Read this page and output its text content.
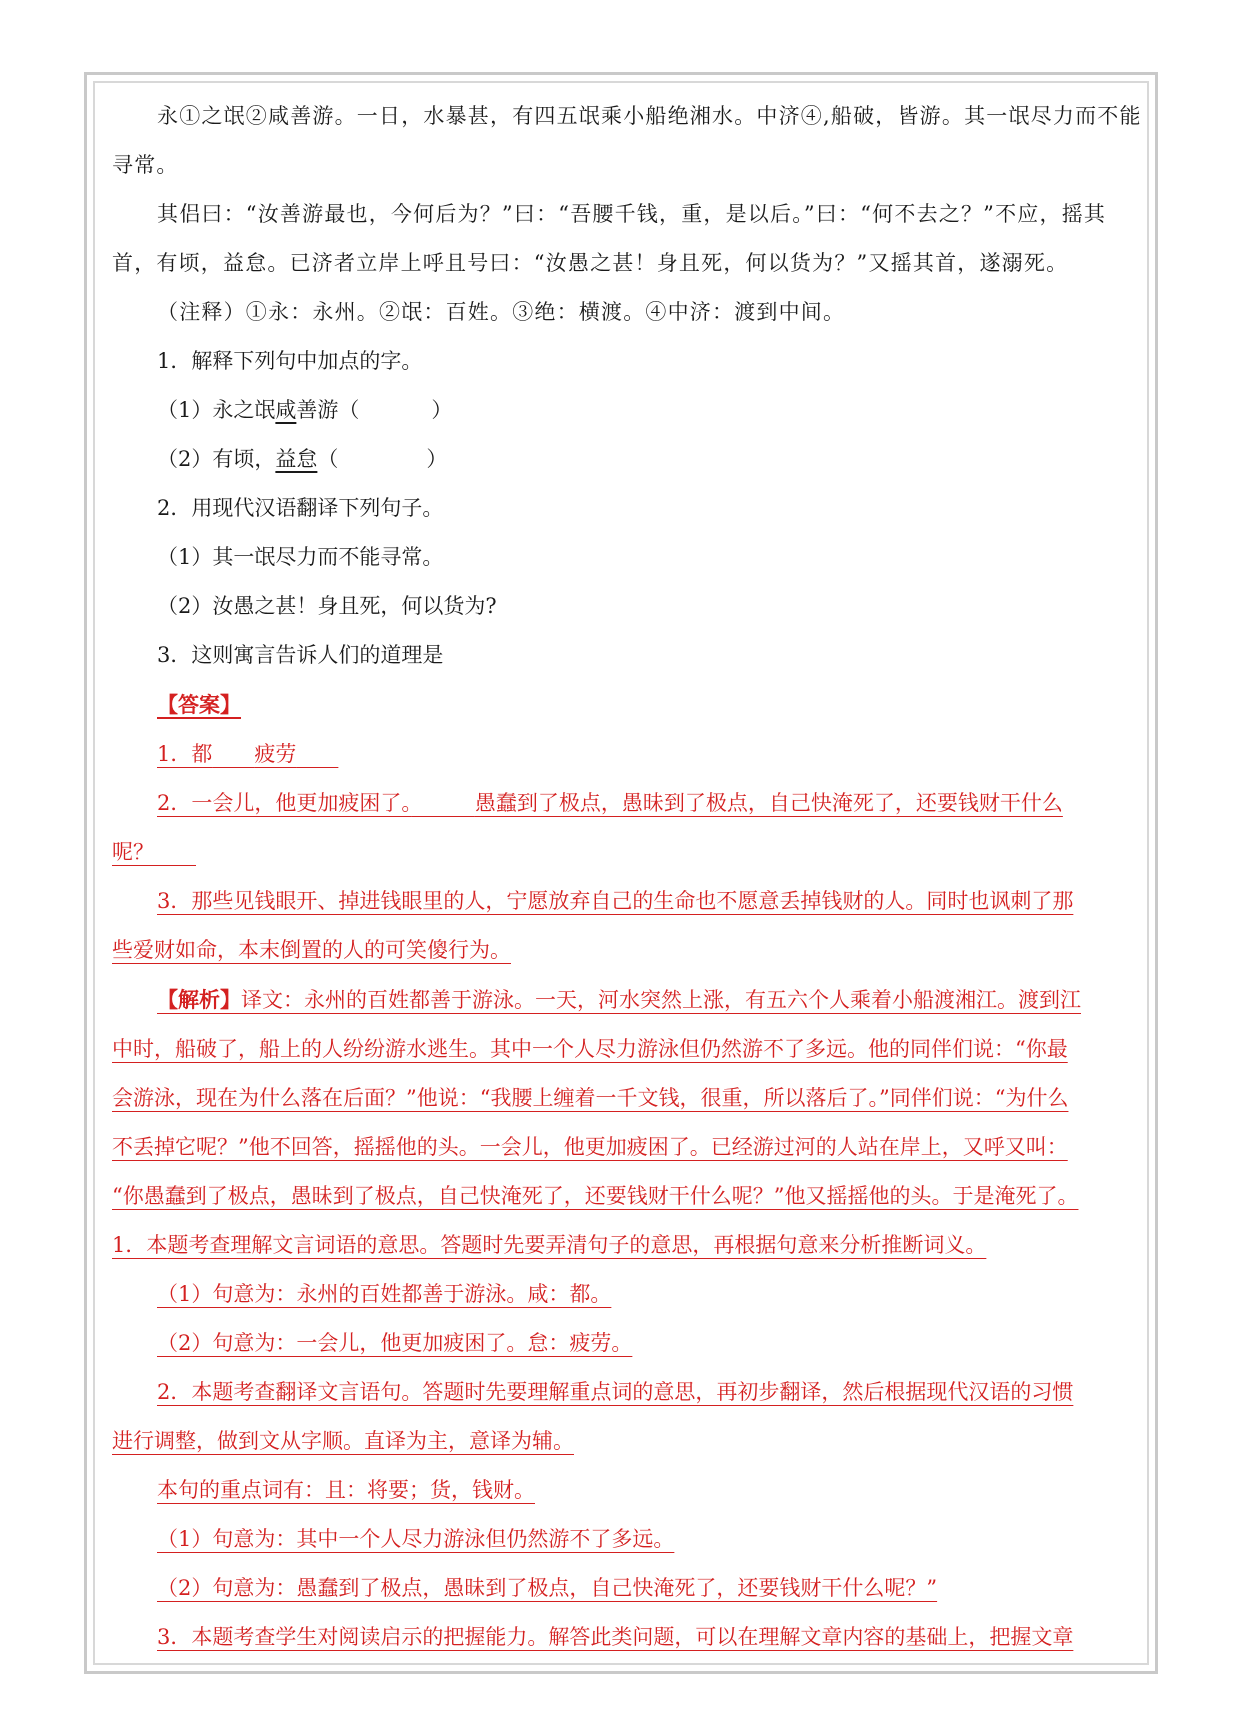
永①之氓②咸善游。一日，水暴甚，有四五氓乘小船绝湘水。中济④,船破，皆游。其一氓尽力而不能

寻常。

其侣曰：“汝善游最也，今何后为？”曰：“吾腰千钱，重，是以后。”曰：“何不去之？”不应，摇其

首，有顷，益怠。已济者立岸上呼且号曰：“汝愚之甚！身且死，何以货为？”又摇其首，遂溺死。

（注释）①永：永州。②氓：百姓。③绝：横渡。④中济：渡到中间。

1．解释下列句中加点的字。

（1）永之氓咸善游（	）

（2）有顷，益怠（	）

2．用现代汉语翻译下列句子。

（1）其一氓尽力而不能寻常。

（2）汝愚之甚！身且死，何以货为?

3．这则寓言告诉人们的道理是

【答案】

1．都　　 疲劳　　

2．一会儿，他更加疲困了。　　　	愚蠢到了极点，愚昧到了极点，自己快淹死了，还要钱财干什么

呢？　　

3．那些见钱眼开、掉进钱眼里的人，宁愿放弃自己的生命也不愿意丢掉钱财的人。同时也讽刺了那

些爱财如命，本末倒置的人的可笑傻行为。

【解析】译文：永州的百姓都善于游泳。一天，河水突然上涨，有五六个人乘着小船渡湘江。渡到江

中时，船破了，船上的人纷纷游水逃生。其中一个人尽力游泳但仍然游不了多远。他的同伴们说：“你最

会游泳，现在为什么落在后面？”他说：“我腰上缠着一千文钱，很重，所以落后了。”同伴们说：“为什么

不丢掉它呢？”他不回答，摇摇他的头。一会儿，他更加疲困了。已经游过河的人站在岸上，又呼又叫：

“你愚蠢到了极点，愚昧到了极点，自己快淹死了，还要钱财干什么呢？”他又摇摇他的头。于是淹死了。

1．本题考查理解文言词语的意思。答题时先要弄清句子的意思，再根据句意来分析推断词义。

（1）句意为：永州的百姓都善于游泳。咸：都。

（2）句意为：一会儿，他更加疲困了。怠：疲劳。

2．本题考查翻译文言语句。答题时先要理解重点词的意思，再初步翻译，然后根据现代汉语的习惯

进行调整，做到文从字顺。直译为主，意译为辅。

本句的重点词有：且：将要；货，钱财。

（1）句意为：其中一个人尽力游泳但仍然游不了多远。

（2）句意为：愚蠢到了极点，愚昧到了极点，自己快淹死了，还要钱财干什么呢？”

3．本题考查学生对阅读启示的把握能力。解答此类问题，可以在理解文章内容的基础上，把握文章
